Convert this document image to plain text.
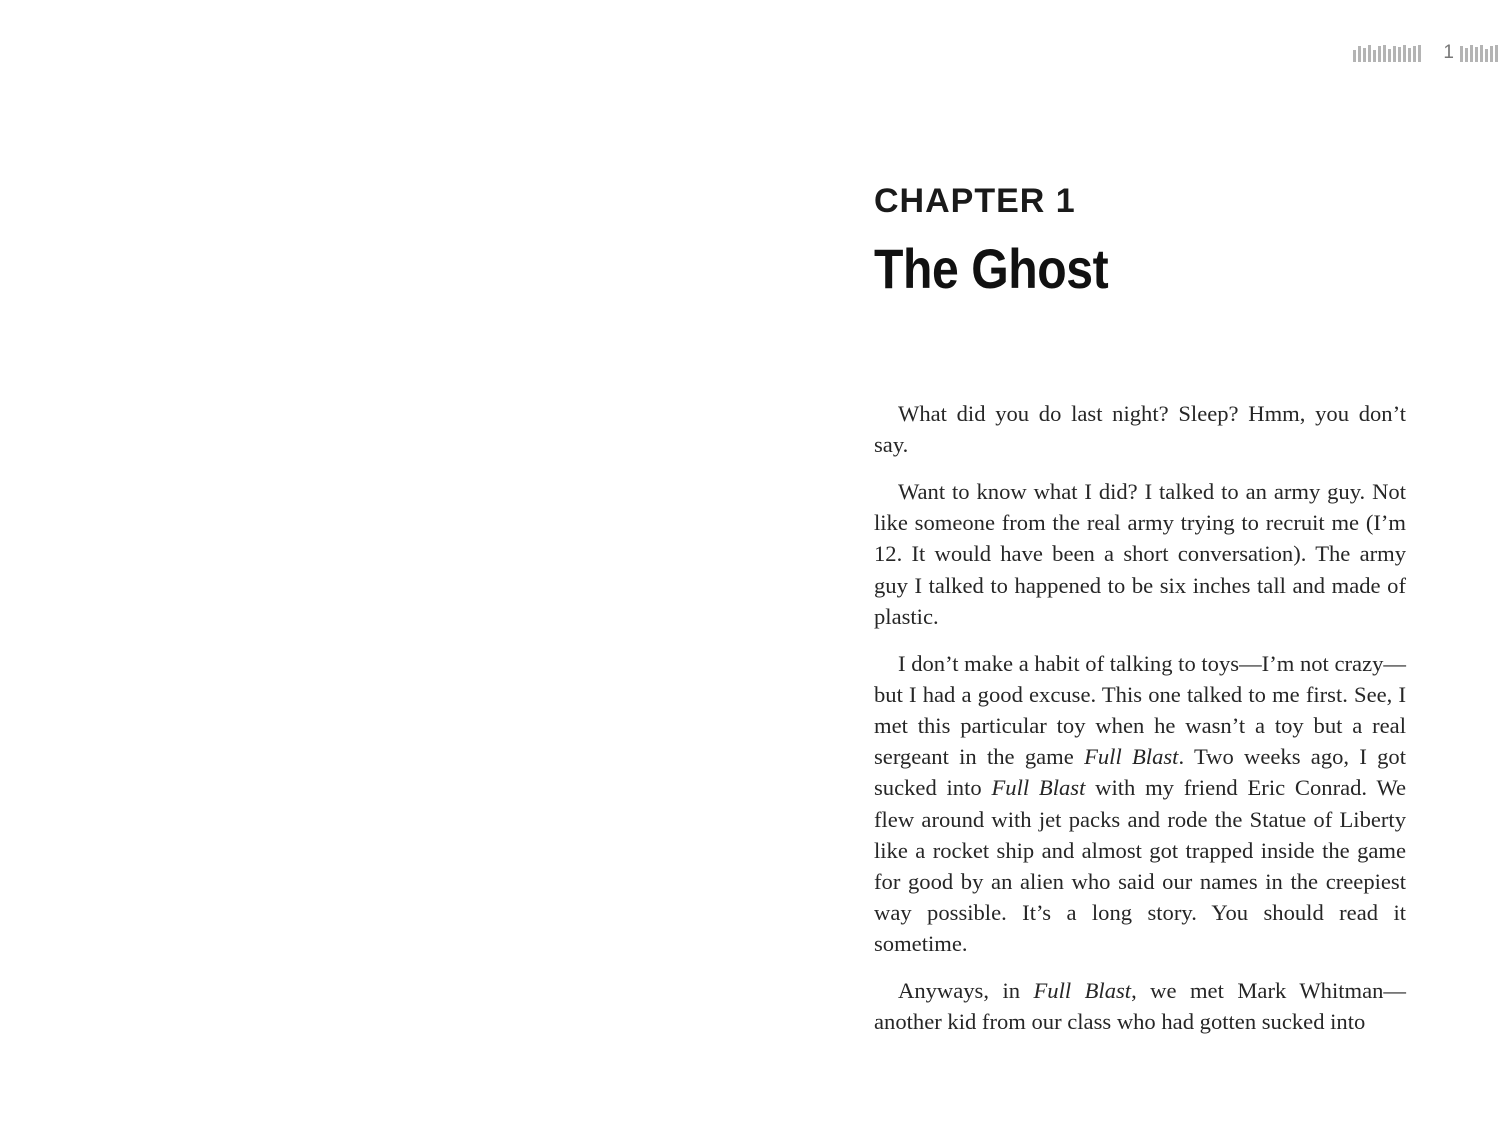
1
CHAPTER 1
The Ghost

What did you do last night? Sleep? Hmm, you don’t say.

Want to know what I did? I talked to an army guy. Not like someone from the real army trying to recruit me (I’m 12. It would have been a short conversation). The army guy I talked to happened to be six inches tall and made of plastic.

I don’t make a habit of talking to toys—I’m not crazy—but I had a good excuse. This one talked to me first. See, I met this particular toy when he wasn’t a toy but a real sergeant in the game Full Blast. Two weeks ago, I got sucked into Full Blast with my friend Eric Conrad. We flew around with jet packs and rode the Statue of Liberty like a rocket ship and almost got trapped inside the game for good by an alien who said our names in the creepiest way possible. It’s a long story. You should read it sometime.

Anyways, in Full Blast, we met Mark Whitman—another kid from our class who had gotten sucked into
